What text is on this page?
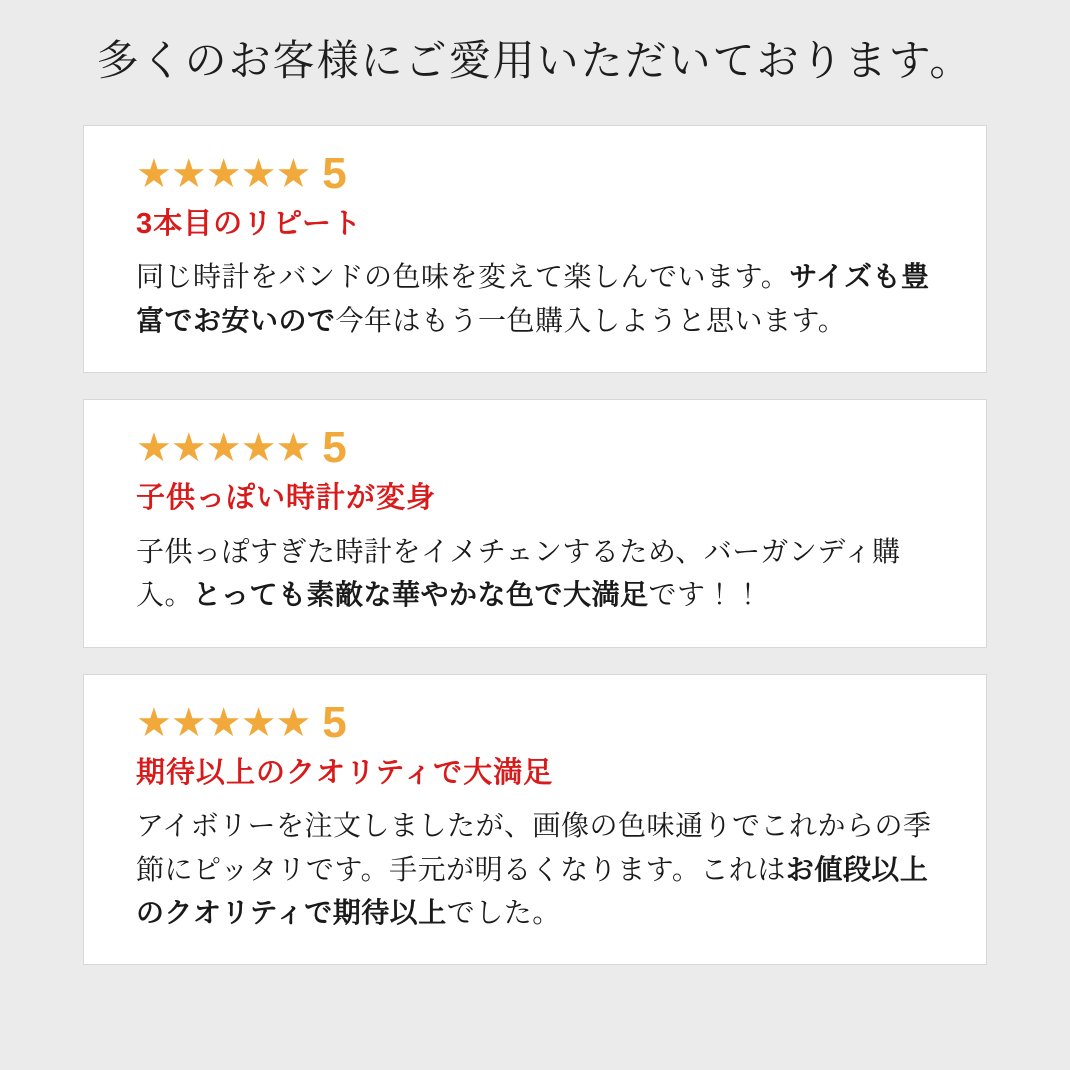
多くのお客様にご愛用いただいております。
★★★★★ 5
3本目のリピート
同じ時計をバンドの色味を変えて楽しんでいます。サイズも豊富でお安いので今年はもう一色購入しようと思います。
★★★★★ 5
子供っぽい時計が変身
子供っぽすぎた時計をイメチェンするため、バーガンディ購入。とっても素敵な華やかな色で大満足です！！
★★★★★ 5
期待以上のクオリティで大満足
アイボリーを注文しましたが、画像の色味通りでこれからの季節にピッタリです。手元が明るくなります。これはお値段以上のクオリティで期待以上でした。
